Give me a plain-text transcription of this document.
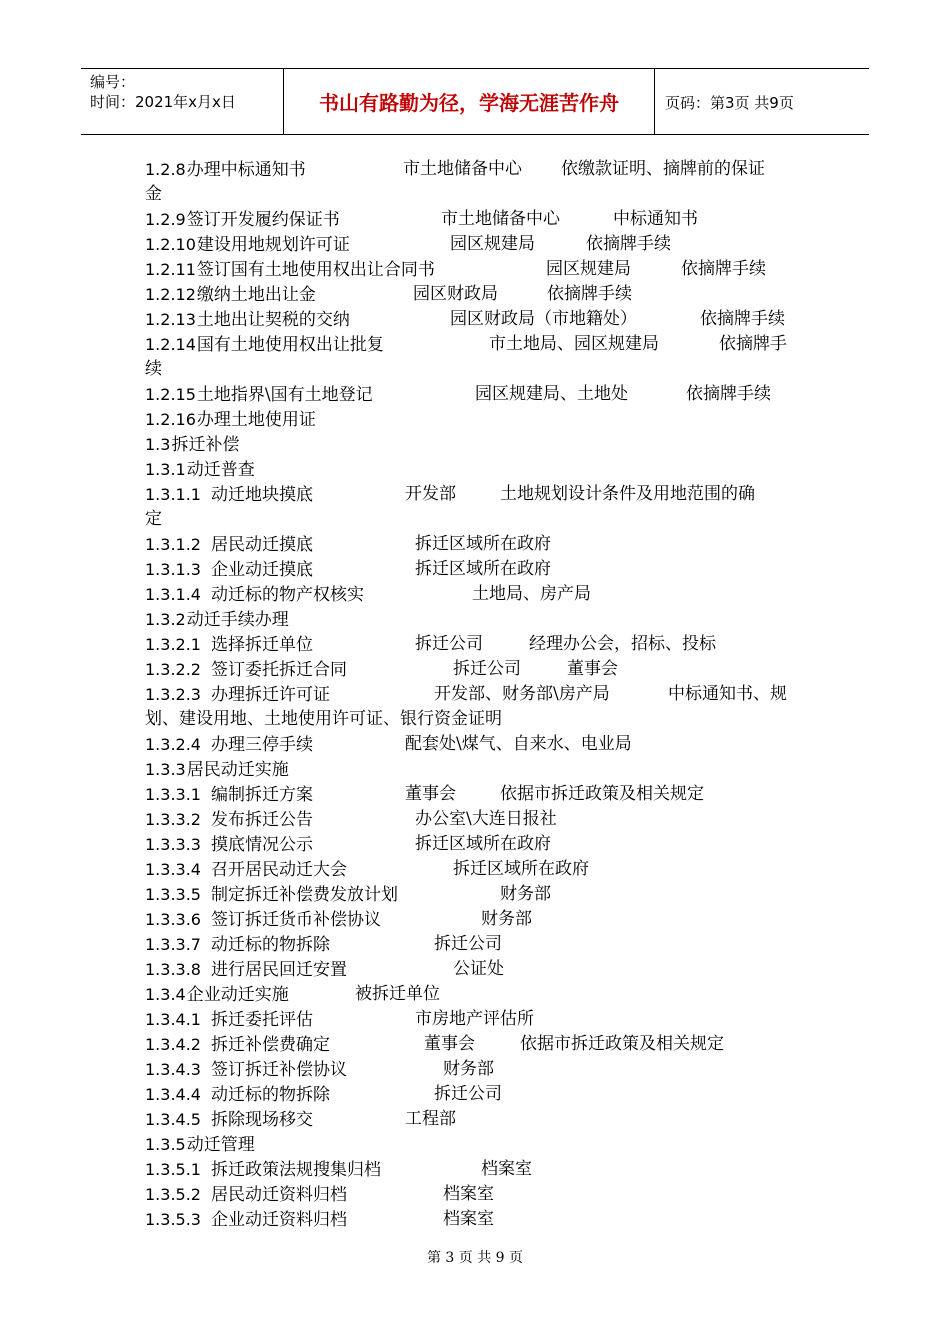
编号：
时间：2021年x月x日	书山有路勤为径，学海无涯苦作舟	页码：第3页 共9页
1.2.8办理中标通知书	市土地储备中心 依缴款证明、摘牌前的保证
金
1.2.9签订开发履约保证书	市土地储备中心	中标通知书
1.2.10建设用地规划许可证	园区规建局	依摘牌手续
1.2.11签订国有土地使用权出让合同书	园区规建局	依摘牌手续
1.2.12缴纳土地出让金	园区财政局	依摘牌手续
1.2.13土地出让契税的交纳	园区财政局（市地籍处）	依摘牌手续
1.2.14国有土地使用权出让批复	市土地局、园区规建局	依摘牌手
续
1.2.15土地指界\国有土地登记	园区规建局、土地处	依摘牌手续
1.2.16办理土地使用证
1.3拆迁补偿
1.3.1动迁普查
1.3.1.1 动迁地块摸底	开发部	土地规划设计条件及用地范围的确
定
1.3.1.2 居民动迁摸底	拆迁区域所在政府
1.3.1.3 企业动迁摸底	拆迁区域所在政府
1.3.1.4 动迁标的物产权核实	土地局、房产局
1.3.2动迁手续办理
1.3.2.1 选择拆迁单位	拆迁公司	经理办公会，招标、投标
1.3.2.2 签订委托拆迁合同	拆迁公司	董事会
1.3.2.3 办理拆迁许可证	开发部、财务部\房产局	中标通知书、规
划、建设用地、土地使用许可证、银行资金证明
1.3.2.4 办理三停手续	配套处\煤气、自来水、电业局
1.3.3居民动迁实施
1.3.3.1 编制拆迁方案	董事会	依据市拆迁政策及相关规定
1.3.3.2 发布拆迁公告	办公室\大连日报社
1.3.3.3 摸底情况公示	拆迁区域所在政府
1.3.3.4 召开居民动迁大会	拆迁区域所在政府
1.3.3.5 制定拆迁补偿费发放计划	财务部
1.3.3.6 签订拆迁货币补偿协议	财务部
1.3.3.7 动迁标的物拆除	拆迁公司
1.3.3.8 进行居民回迁安置	公证处
1.3.4企业动迁实施	被拆迁单位
1.3.4.1 拆迁委托评估	市房地产评估所
1.3.4.2 拆迁补偿费确定	董事会	依据市拆迁政策及相关规定
1.3.4.3 签订拆迁补偿协议	财务部
1.3.4.4 动迁标的物拆除	拆迁公司
1.3.4.5 拆除现场移交	工程部
1.3.5动迁管理
1.3.5.1 拆迁政策法规搜集归档	档案室
1.3.5.2 居民动迁资料归档	档案室
1.3.5.3 企业动迁资料归档	档案室
第 3 页 共 9 页
